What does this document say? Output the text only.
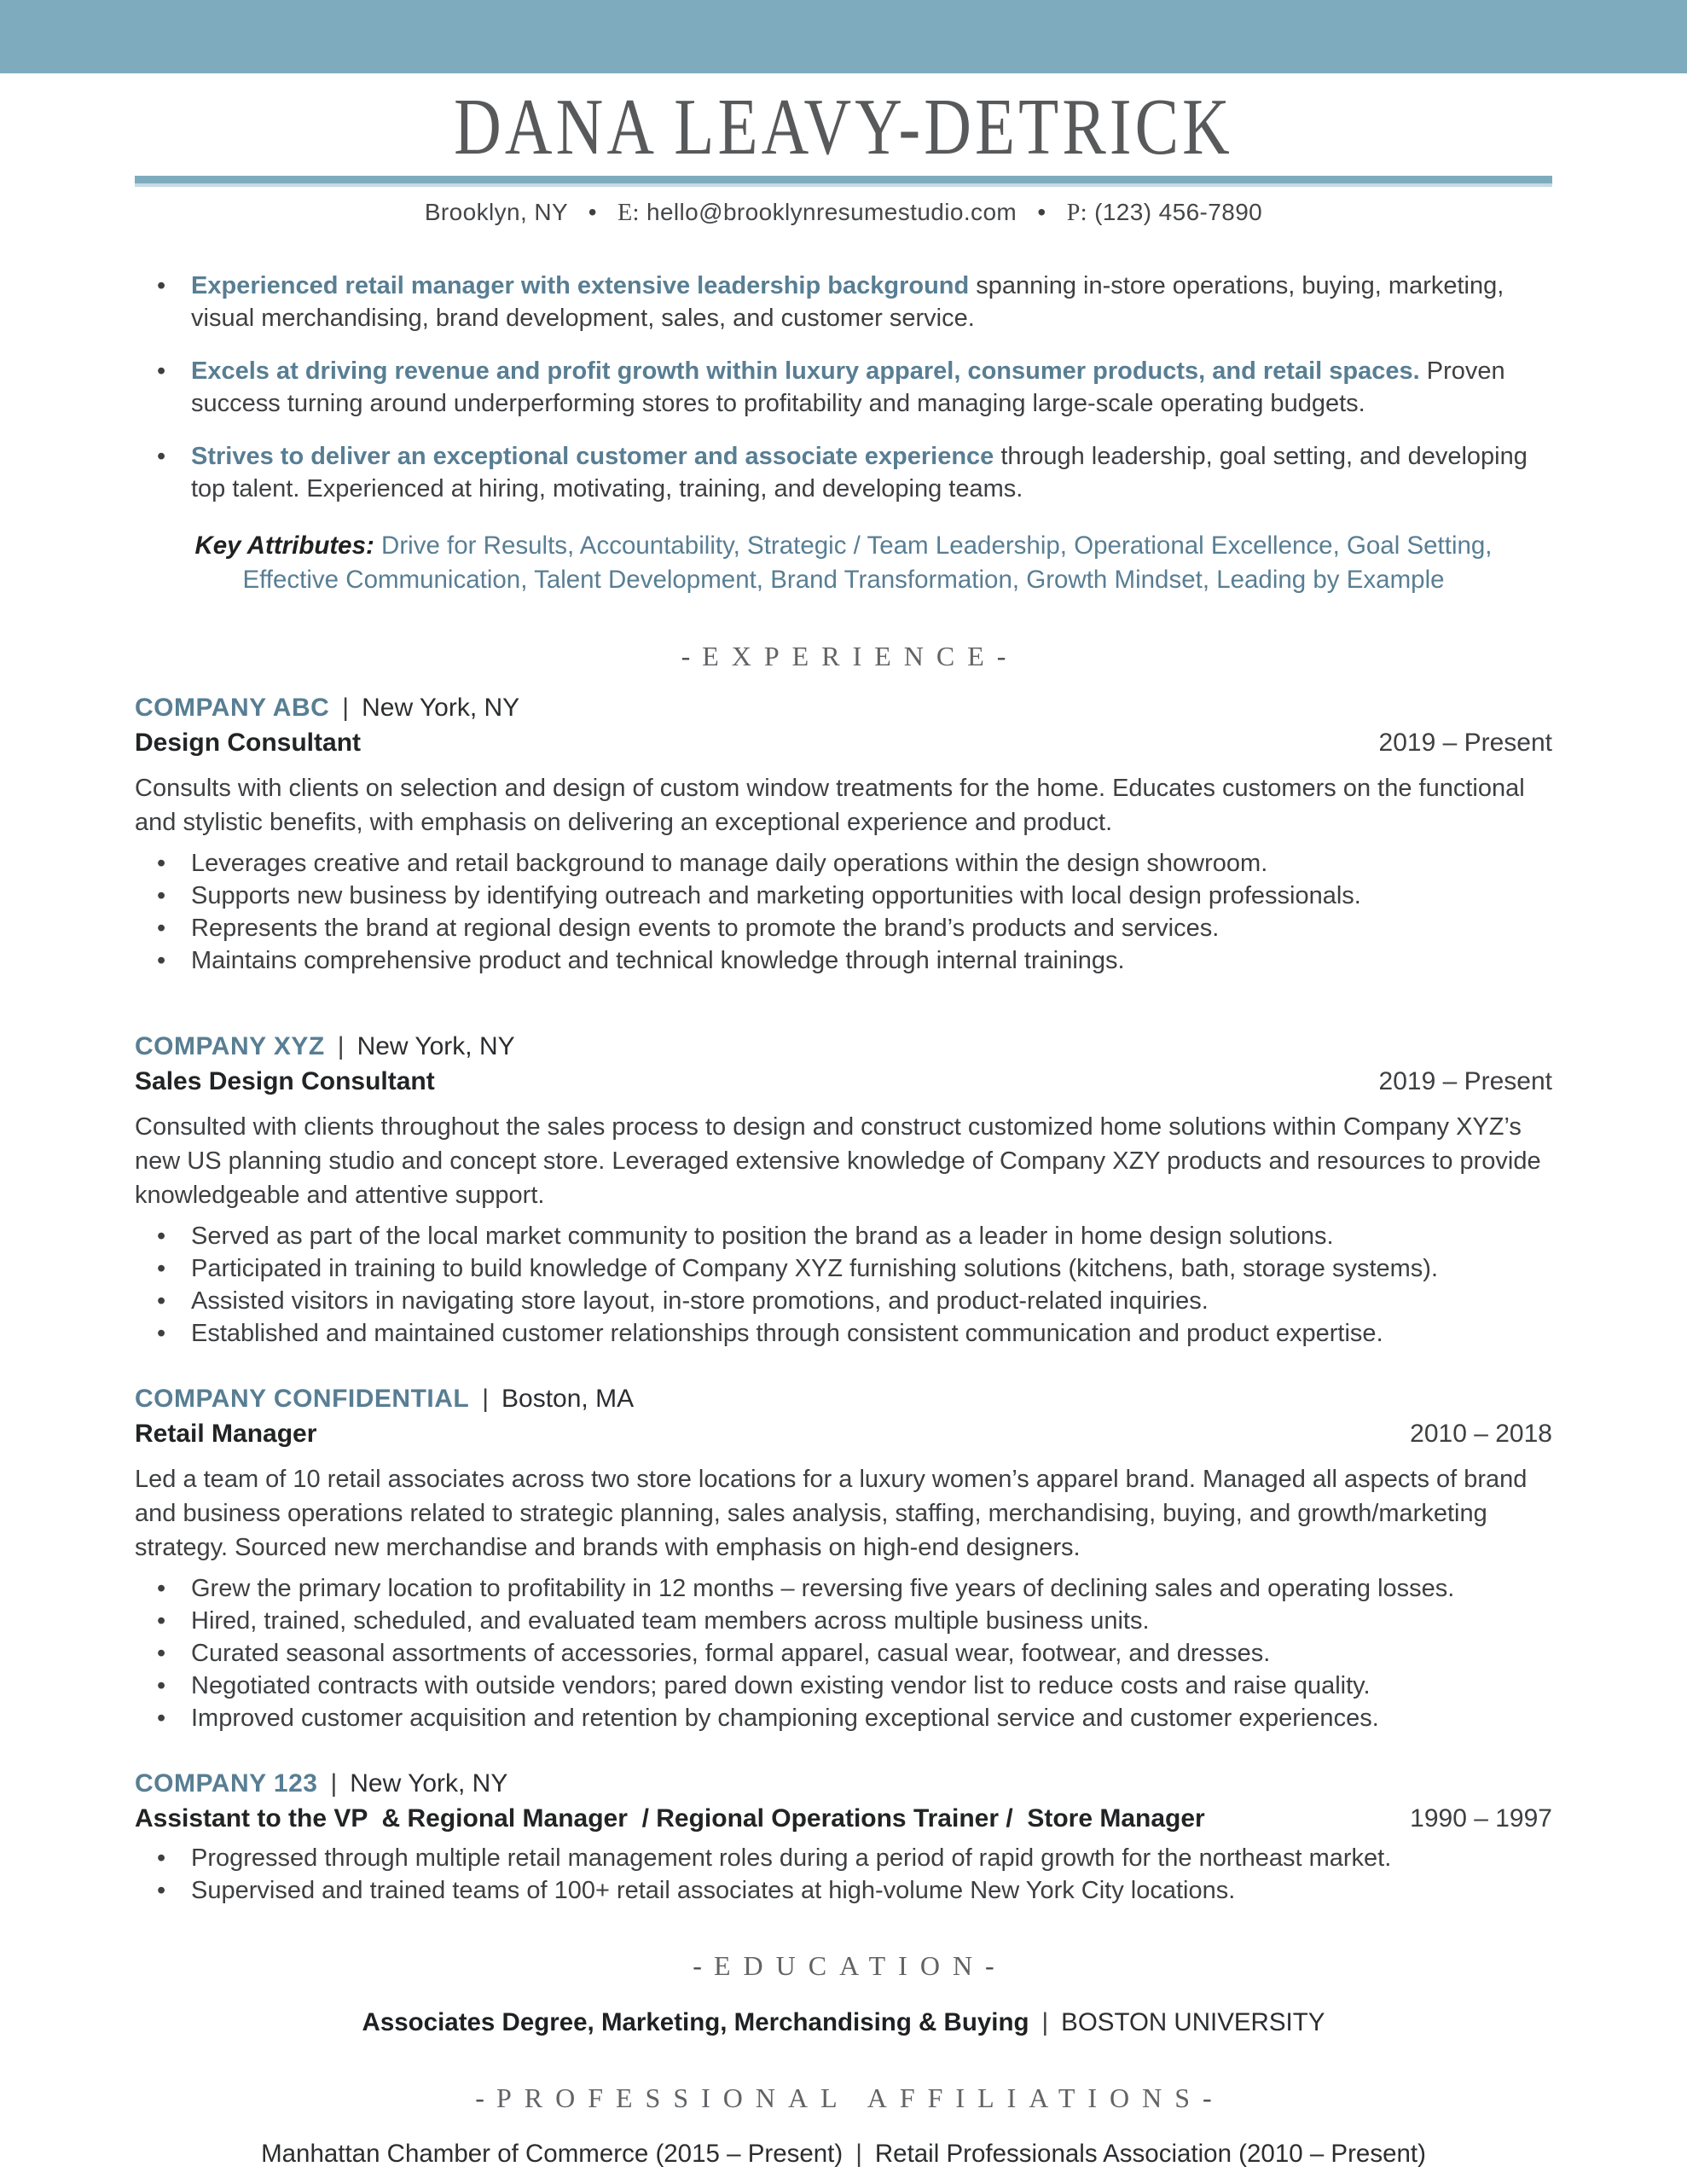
DANA LEAVY-DETRICK
Brooklyn, NY • E: hello@brooklynresumestudio.com • P: (123) 456-7890
• Experienced retail manager with extensive leadership background spanning in-store operations, buying, marketing, visual merchandising, brand development, sales, and customer service.
• Excels at driving revenue and profit growth within luxury apparel, consumer products, and retail spaces. Proven success turning around underperforming stores to profitability and managing large-scale operating budgets.
• Strives to deliver an exceptional customer and associate experience through leadership, goal setting, and developing top talent. Experienced at hiring, motivating, training, and developing teams.

Key Attributes: Drive for Results, Accountability, Strategic / Team Leadership, Operational Excellence, Goal Setting, Effective Communication, Talent Development, Brand Transformation, Growth Mindset, Leading by Example

- EXPERIENCE-
COMPANY ABC | New York, NY
Design Consultant	2019 – Present

Consults with clients on selection and design of custom window treatments for the home. Educates customers on the functional and stylistic benefits, with emphasis on delivering an exceptional experience and product.

• Leverages creative and retail background to manage daily operations within the design showroom.
• Supports new business by identifying outreach and marketing opportunities with local design professionals.
• Represents the brand at regional design events to promote the brand’s products and services.
• Maintains comprehensive product and technical knowledge through internal trainings.
COMPANY XYZ | New York, NY
Sales Design Consultant	2019 – Present

Consulted with clients throughout the sales process to design and construct customized home solutions within Company XYZ’s new US planning studio and concept store. Leveraged extensive knowledge of Company XZY products and resources to provide knowledgeable and attentive support.

• Served as part of the local market community to position the brand as a leader in home design solutions.
• Participated in training to build knowledge of Company XYZ furnishing solutions (kitchens, bath, storage systems).
• Assisted visitors in navigating store layout, in-store promotions, and product-related inquiries.
• Established and maintained customer relationships through consistent communication and product expertise.
COMPANY CONFIDENTIAL | Boston, MA
Retail Manager	2010 – 2018

Led a team of 10 retail associates across two store locations for a luxury women’s apparel brand. Managed all aspects of brand and business operations related to strategic planning, sales analysis, staffing, merchandising, buying, and growth/marketing strategy. Sourced new merchandise and brands with emphasis on high-end designers.

• Grew the primary location to profitability in 12 months – reversing five years of declining sales and operating losses.
• Hired, trained, scheduled, and evaluated team members across multiple business units.
• Curated seasonal assortments of accessories, formal apparel, casual wear, footwear, and dresses.
• Negotiated contracts with outside vendors; pared down existing vendor list to reduce costs and raise quality.
• Improved customer acquisition and retention by championing exceptional service and customer experiences.
COMPANY 123 | New York, NY
Assistant to the VP  & Regional Manager  / Regional Operations Trainer /  Store Manager	1990 – 1997
• Progressed through multiple retail management roles during a period of rapid growth for the northeast market.
• Supervised and trained teams of 100+ retail associates at high-volume New York City locations.
- EDUCATION-

Associates Degree, Marketing, Merchandising & Buying | BOSTON UNIVERSITY

- PROFESSIONAL AFFILIATIONS-

Manhattan Chamber of Commerce (2015 – Present) | Retail Professionals Association (2010 – Present)
